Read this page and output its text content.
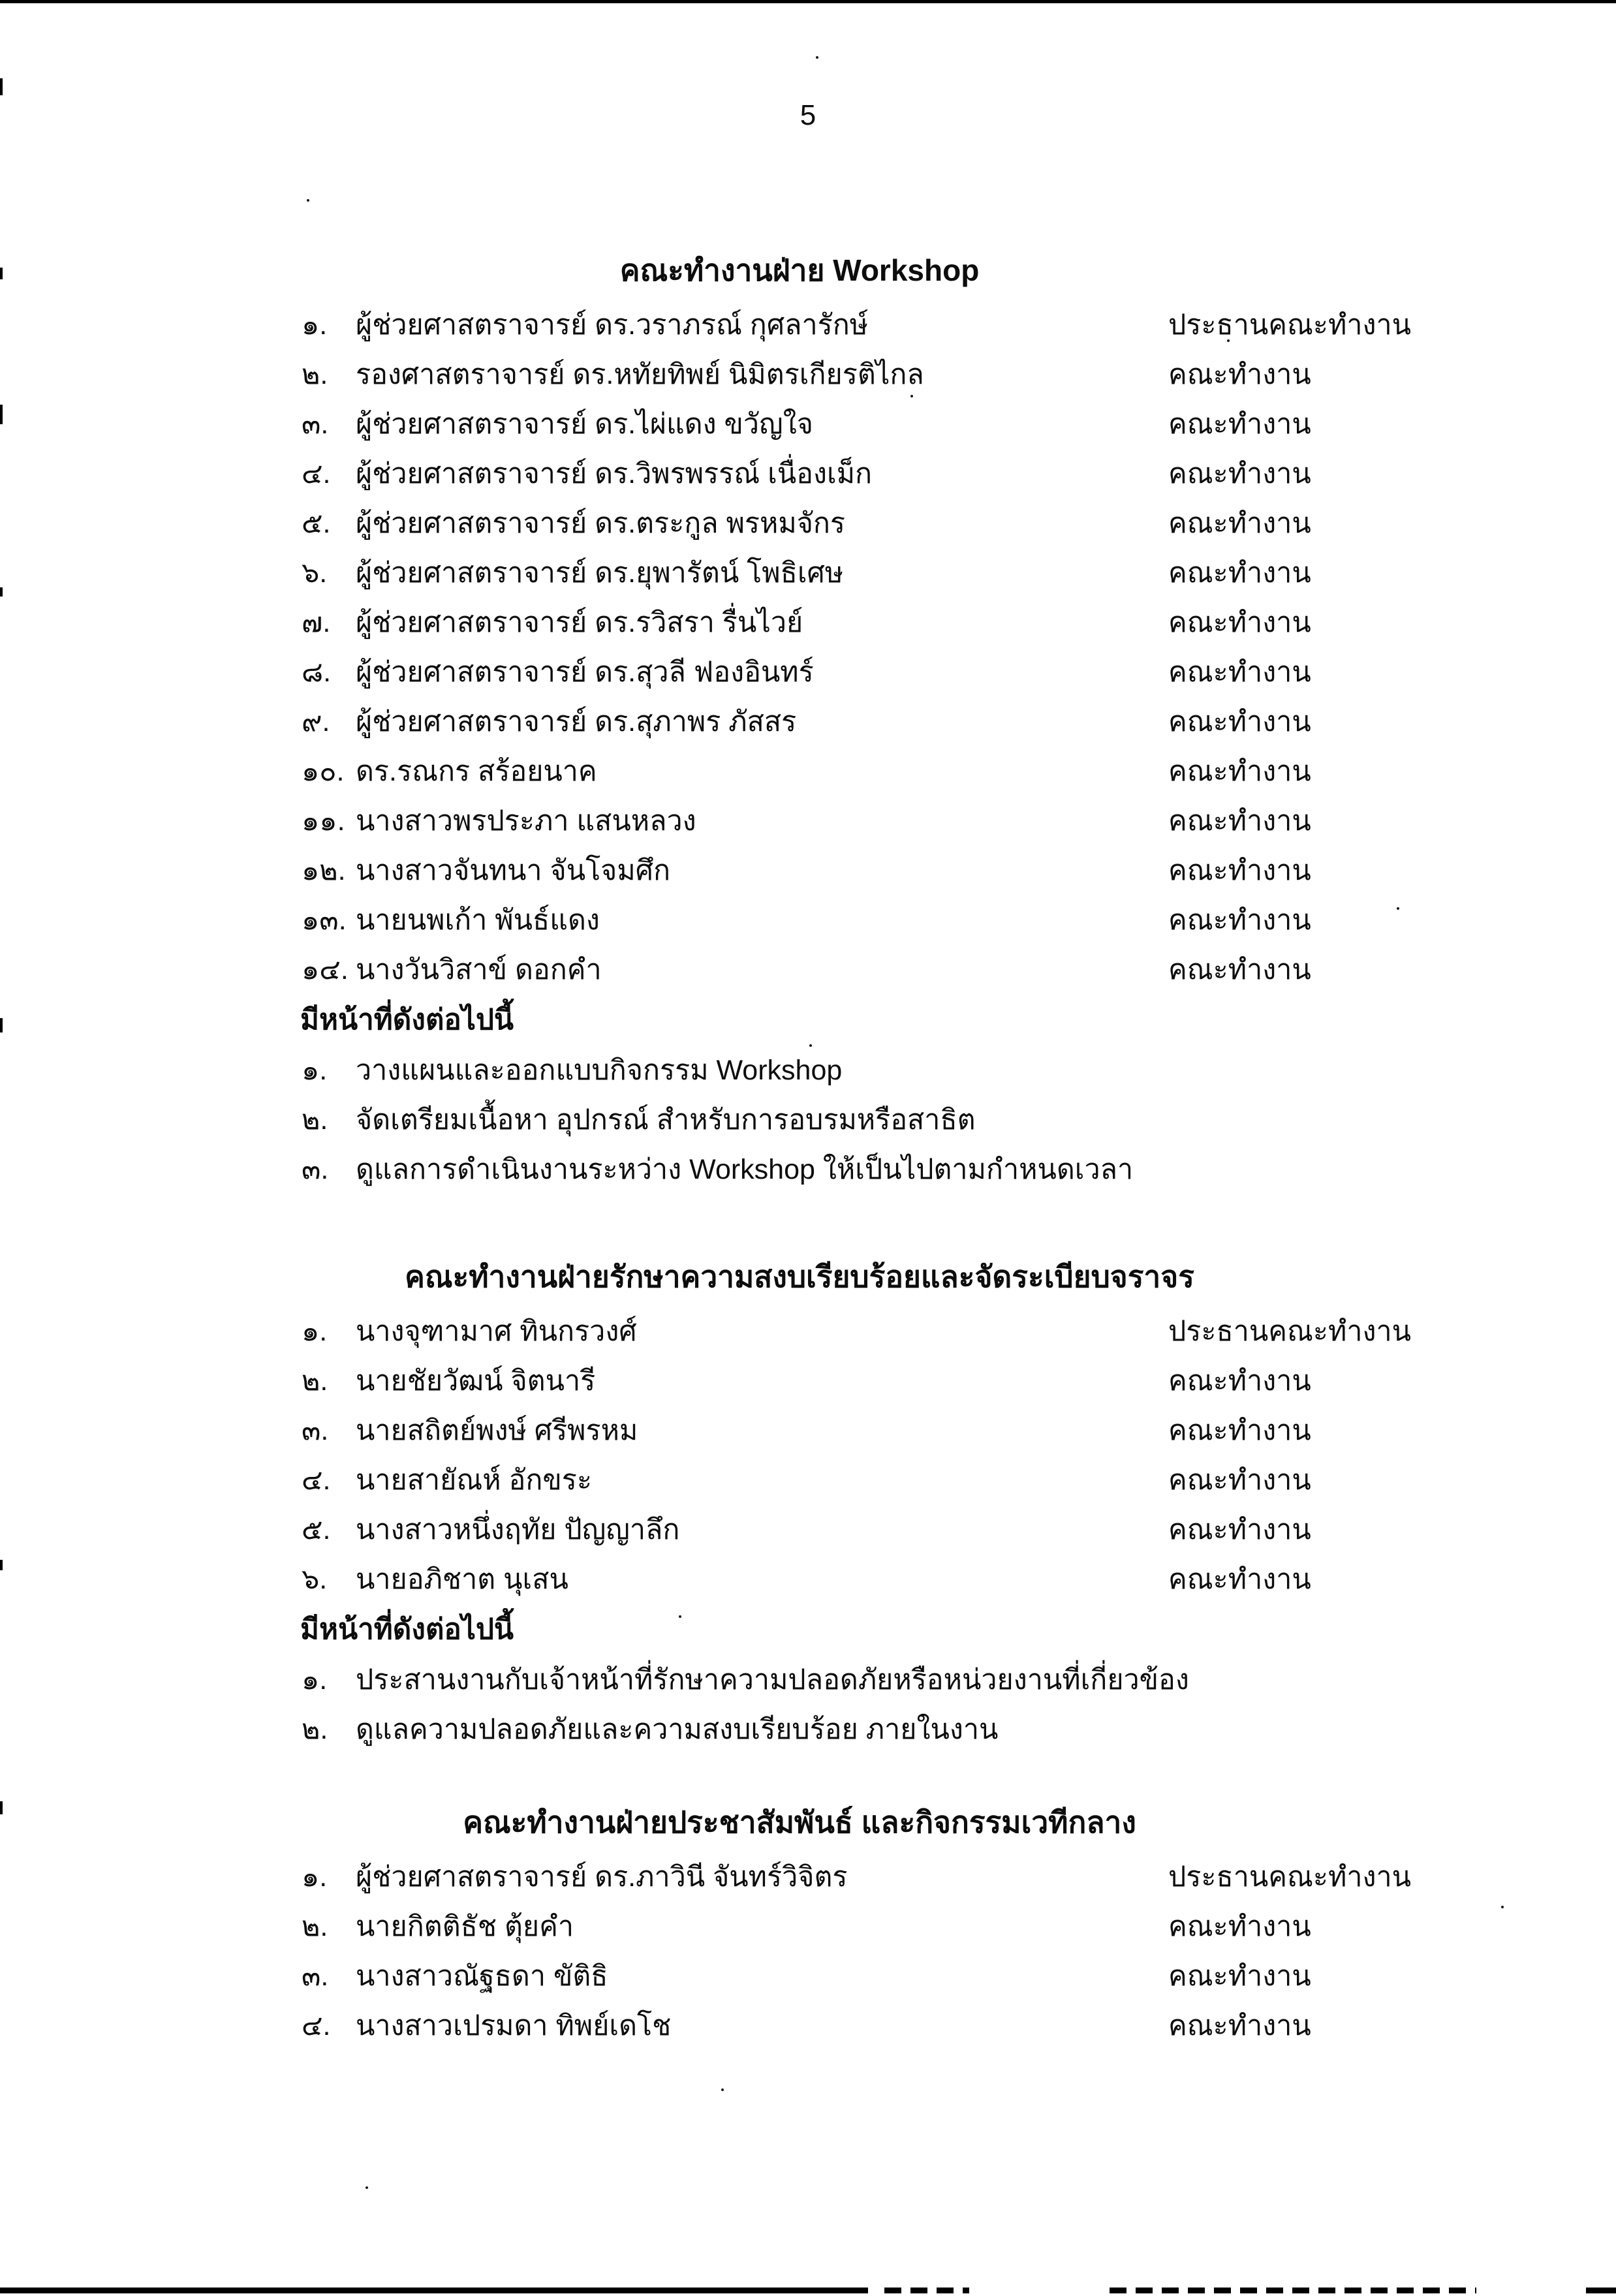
5
คณะทำงานฝ่าย Workshop
๑.	ผู้ช่วยศาสตราจารย์ ดร.วราภรณ์ กุศลารักษ์	ประธานคณะทำงาน
๒. รองศาสตราจารย์ ดร.หทัยทิพย์ นิมิตรเกียรติไกล	คณะทำงาน
๓. ผู้ช่วยศาสตราจารย์ ดร.ไผ่แดง ขวัญใจ	คณะทำงาน
๔. ผู้ช่วยศาสตราจารย์ ดร.วิพรพรรณ์ เนื่องเม็ก	คณะทำงาน
๕. ผู้ช่วยศาสตราจารย์ ดร.ตระกูล พรหมจักร	คณะทำงาน
๖.	ผู้ช่วยศาสตราจารย์ ดร.ยุพารัตน์ โพธิเศษ	คณะทำงาน
๗. ผู้ช่วยศาสตราจารย์ ดร.รวิสรา รื่นไวย์	คณะทำงาน
๘. ผู้ช่วยศาสตราจารย์ ดร.สุวลี ฟองอินทร์	คณะทำงาน
๙. ผู้ช่วยศาสตราจารย์ ดร.สุภาพร ภัสสร	คณะทำงาน
๑๐. ดร.รณกร สร้อยนาค	คณะทำงาน
๑๑. นางสาวพรประภา แสนหลวง	คณะทำงาน
๑๒. นางสาวจันทนา จันโจมศึก	คณะทำงาน
๑๓. นายนพเก้า พันธ์แดง	คณะทำงาน
๑๔. นางวันวิสาข์ ดอกคำ	คณะทำงาน
มีหน้าที่ดังต่อไปนี้
๑.	วางแผนและออกแบบกิจกรรม Workshop
๒. จัดเตรียมเนื้อหา อุปกรณ์ สำหรับการอบรมหรือสาธิต
๓. ดูแลการดำเนินงานระหว่าง Workshop ให้เป็นไปตามกำหนดเวลา
คณะทำงานฝ่ายรักษาความสงบเรียบร้อยและจัดระเบียบจราจร
๑.	นางจุฑามาศ ทินกรวงศ์	ประธานคณะทำงาน
๒. นายชัยวัฒน์ จิตนารี	คณะทำงาน
๓. นายสถิตย์พงษ์ ศรีพรหม	คณะทำงาน
๔. นายสายัณห์ อักขระ	คณะทำงาน
๕. นางสาวหนึ่งฤทัย ปัญญาลึก	คณะทำงาน
๖.	นายอภิชาต นุเสน	คณะทำงาน
มีหน้าที่ดังต่อไปนี้
๑.	ประสานงานกับเจ้าหน้าที่รักษาความปลอดภัยหรือหน่วยงานที่เกี่ยวข้อง
๒. ดูแลความปลอดภัยและความสงบเรียบร้อย ภายในงาน
คณะทำงานฝ่ายประชาสัมพันธ์ และกิจกรรมเวทีกลาง
๑.	ผู้ช่วยศาสตราจารย์ ดร.ภาวินี จันทร์วิจิตร	ประธานคณะทำงาน
๒. นายกิตติธัช ตุ้ยคำ	คณะทำงาน
๓. นางสาวณัฐธดา ขัติธิ	คณะทำงาน
๔. นางสาวเปรมดา ทิพย์เดโช	คณะทำงาน
